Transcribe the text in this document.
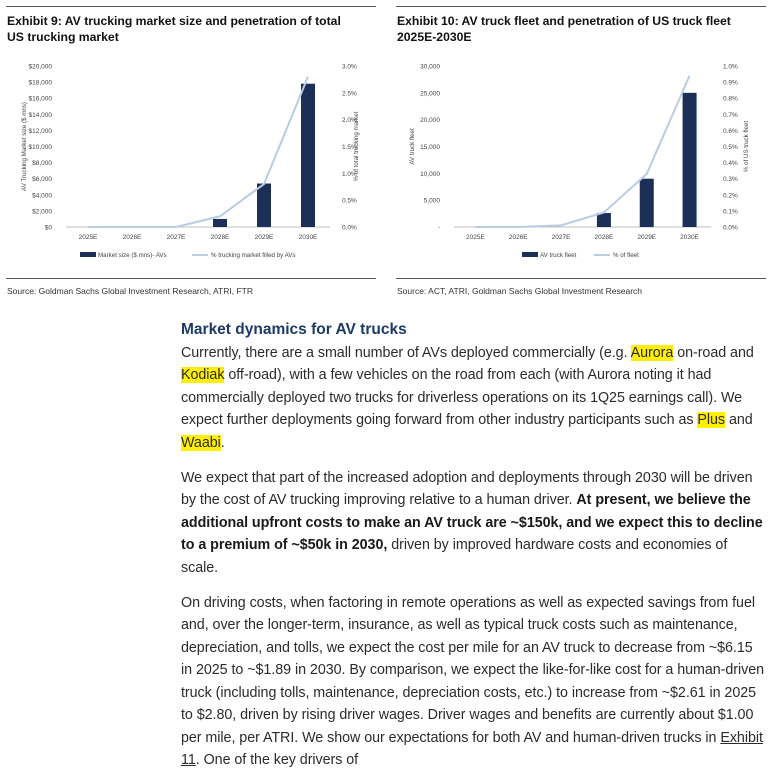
Exhibit 9: AV trucking market size and penetration of total US trucking market
$0
$2,000
$4,000
$6,000
$8,000
$10,000
$12,000
$14,000
$16,000
$18,000
$20,000
0.0%
0.5%
1.0%
1.5%
2.0%
2.5%
3.0%
2025E	2026E	2027E	2028E	2029E	2030E
AV Trucking Market size ($ mns)	% of total trucking market
Market size ($ mns)- AVs	% trucking market filled by AVs
Source: Goldman Sachs Global Investment Research, ATRI, FTR
Exhibit 10: AV truck fleet and penetration of US truck fleet 2025E-2030E
-
5,000
10,000
15,000
20,000
25,000
30,000
0.0%
0.1%
0.2%
0.3%
0.4%
0.5%
0.6%
0.7%
0.8%
0.9%
1.0%
2025E	2026E	2027E	2028E	2029E	2030E
AV truck fleet	% of US truck fleet
AV truck fleet	% of fleet
Source: ACT, ATRI, Goldman Sachs Global Investment Research
Market dynamics for AV trucks

Currently, there are a small number of AVs deployed commercially (e.g. Aurora on-road and Kodiak off-road), with a few vehicles on the road from each (with Aurora noting it had commercially deployed two trucks for driverless operations on its 1Q25 earnings call). We expect further deployments going forward from other industry participants such as Plus and Waabi.

We expect that part of the increased adoption and deployments through 2030 will be driven by the cost of AV trucking improving relative to a human driver. At present, we believe the additional upfront costs to make an AV truck are ~$150k, and we expect this to decline to a premium of ~$50k in 2030, driven by improved hardware costs and economies of scale.

On driving costs, when factoring in remote operations as well as expected savings from fuel and, over the longer-term, insurance, as well as typical truck costs such as maintenance, depreciation, and tolls, we expect the cost per mile for an AV truck to decrease from ~$6.15 in 2025 to ~$1.89 in 2030. By comparison, we expect the like-for-like cost for a human-driven truck (including tolls, maintenance, depreciation costs, etc.) to increase from ~$2.61 in 2025 to $2.80, driven by rising driver wages. Driver wages and benefits are currently about $1.00 per mile, per ATRI. We show our expectations for both AV and human-driven trucks in Exhibit 11. One of the key drivers of
